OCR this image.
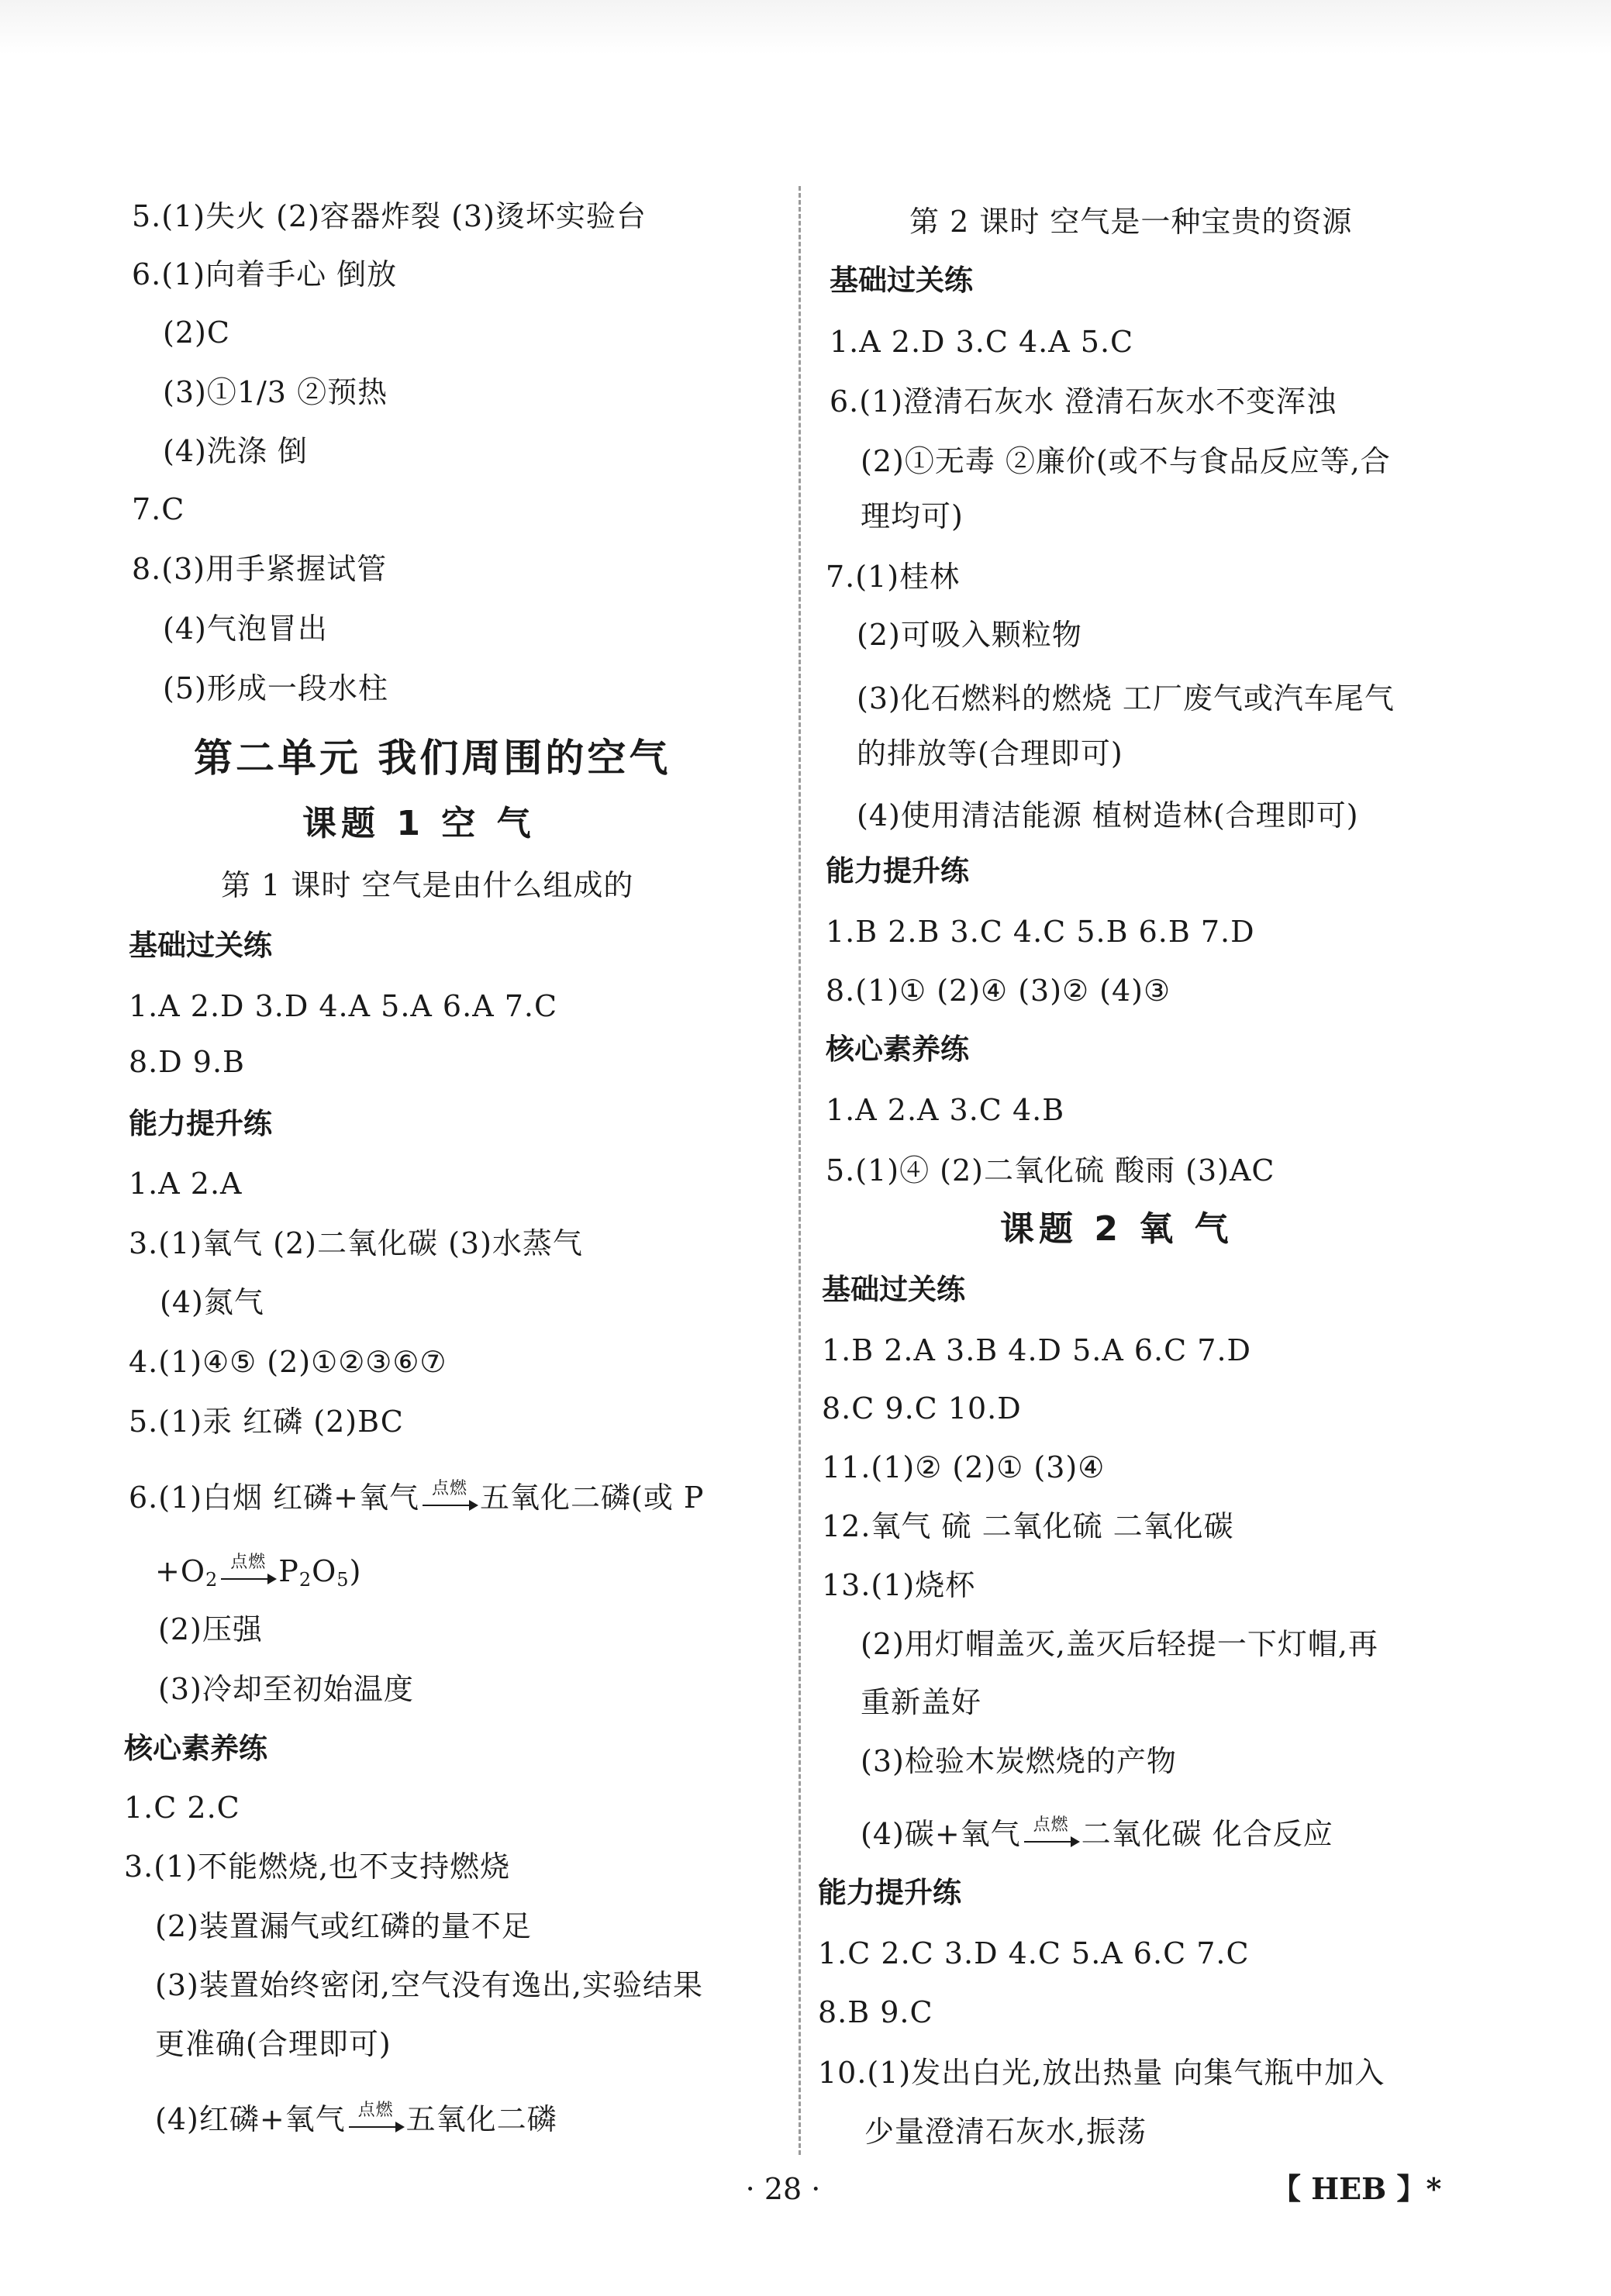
5.(1)失火 (2)容器炸裂 (3)烫坏实验台
6.(1)向着手心 倒放
(2)C
(3)①1/3 ②预热
(4)洗涤 倒
7.C
8.(3)用手紧握试管
(4)气泡冒出
(5)形成一段水柱
第二单元 我们周围的空气
课题 1 空 气
第 1 课时 空气是由什么组成的
基础过关练
1.A 2.D 3.D 4.A 5.A 6.A 7.C
8.D 9.B
能力提升练
1.A 2.A
3.(1)氧气 (2)二氧化碳 (3)水蒸气
(4)氮气
4.(1)④⑤ (2)①②③⑥⑦
5.(1)汞 红磷 (2)BC
6.(1)白烟 红磷+氧气 点燃 五氧化二磷(或 P
$+O_2$
点燃 $P_2O_5$)
(2)压强
(3)冷却至初始温度
核心素养练
1.C 2.C
3.(1)不能燃烧,也不支持燃烧
(2)装置漏气或红磷的量不足
(3)装置始终密闭,空气没有逸出,实验结果
更准确(合理即可)
(4)红磷+氧气 点燃 五氧化二磷
第 2 课时 空气是一种宝贵的资源
基础过关练
1.A 2.D 3.C 4.A 5.C
6.(1)澄清石灰水 澄清石灰水不变浑浊
(2)①无毒 ②廉价(或不与食品反应等,合
理均可)
7.(1)桂林
(2)可吸入颗粒物
(3)化石燃料的燃烧 工厂废气或汽车尾气
的排放等(合理即可)
(4)使用清洁能源 植树造林(合理即可)
能力提升练
1.B 2.B 3.C 4.C 5.B 6.B 7.D
8.(1)① (2)④ (3)② (4)③
核心素养练
1.A 2.A 3.C 4.B
5.(1)④ (2)二氧化硫 酸雨 (3)AC
课题 2 氧 气
基础过关练
1.B 2.A 3.B 4.D 5.A 6.C 7.D
8.C 9.C 10.D
11.(1)② (2)① (3)④
12.氧气 硫 二氧化硫 二氧化碳
13.(1)烧杯
(2)用灯帽盖灭,盖灭后轻提一下灯帽,再
重新盖好
(3)检验木炭燃烧的产物
(4)碳+氧气 点燃 二氧化碳 化合反应
能力提升练
1.C 2.C 3.D 4.C 5.A 6.C 7.C
8.B 9.C
10.(1)发出白光,放出热量 向集气瓶中加入
少量澄清石灰水,振荡
· 28 ·	【 HEB 】*
